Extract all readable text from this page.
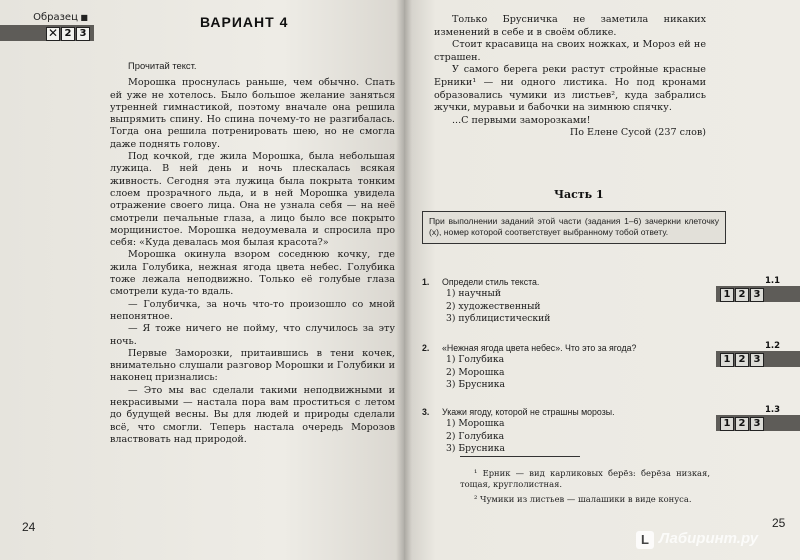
Образец ■
✕
2 3
ВАРИАНТ 4

Прочитай текст.

Морошка проснулась раньше, чем обычно. Спать ей уже не хотелось. Было большое желание заняться утренней гимнастикой, поэтому вначале она решила выпрямить спину. Но спина почему-то не разгибалась. Тогда она решила потренировать шею, но не смогла даже поднять голову.

Под кочкой, где жила Морошка, была небольшая лужица. В ней день и ночь плескалась всякая живность. Сегодня эта лужица была покрыта тонким слоем прозрачного льда, и в ней Морошка увидела отражение своего лица. Она не узнала себя — на неё смотрели печальные глаза, а лицо было все покрыто морщинистое. Морошка недоумевала и спросила про себя: «Куда девалась моя былая красота?»

Морошка окинула взором соседнюю кочку, где жила Голубика, нежная ягода цвета небес. Голубика тоже лежала неподвижно. Только её голубые глаза смотрели куда-то вдаль.

— Голубичка, за ночь что-то произошло со мной непонятное.

— Я тоже ничего не пойму, что случилось за эту ночь.

Первые Заморозки, притаившись в тени кочек, внимательно слушали разговор Морошки и Голубики и наконец признались:

— Это мы вас сделали такими неподвижными и некрасивыми — настала пора вам проститься с летом до будущей весны. Вы для людей и природы сделали всё, что смогли. Теперь настала очередь Морозов властвовать над природой.

24

Только Брусничка не заметила никаких изменений в себе и в своём облике.

Стоит красавица на своих ножках, и Мороз ей не страшен.

У самого берега реки растут стройные красные Ерники¹ — ни одного листика. Но под кронами образовались чумики из листьев², куда забрались жучки, муравьи и бабочки на зимнюю спячку.

...С первыми заморозками!

По Елене Сусой (237 слов)

Часть 1
При выполнении заданий этой части (задания 1–6) зачеркни клеточку (x), номер которой соответствует выбранному тобой ответу.
1.	Определи стиль текста.
1) научный
2) художественный
3) публицистический
2.	«Нежная ягода цвета небес». Что это за ягода?
1) Голубика
2) Морошка
3) Брусника
3.	Укажи ягоду, которой не страшны морозы.
1) Морошка
2) Голубика
3) Брусника
¹ Ерник — вид карликовых берёз: берёза низкая, тощая, круглолистная.
² Чумики из листьев — шалашики в виде конуса.
1.1
1 2 3
1.2
1 2 3
1.3
1 2 3
25
L Лабиринт.ру
